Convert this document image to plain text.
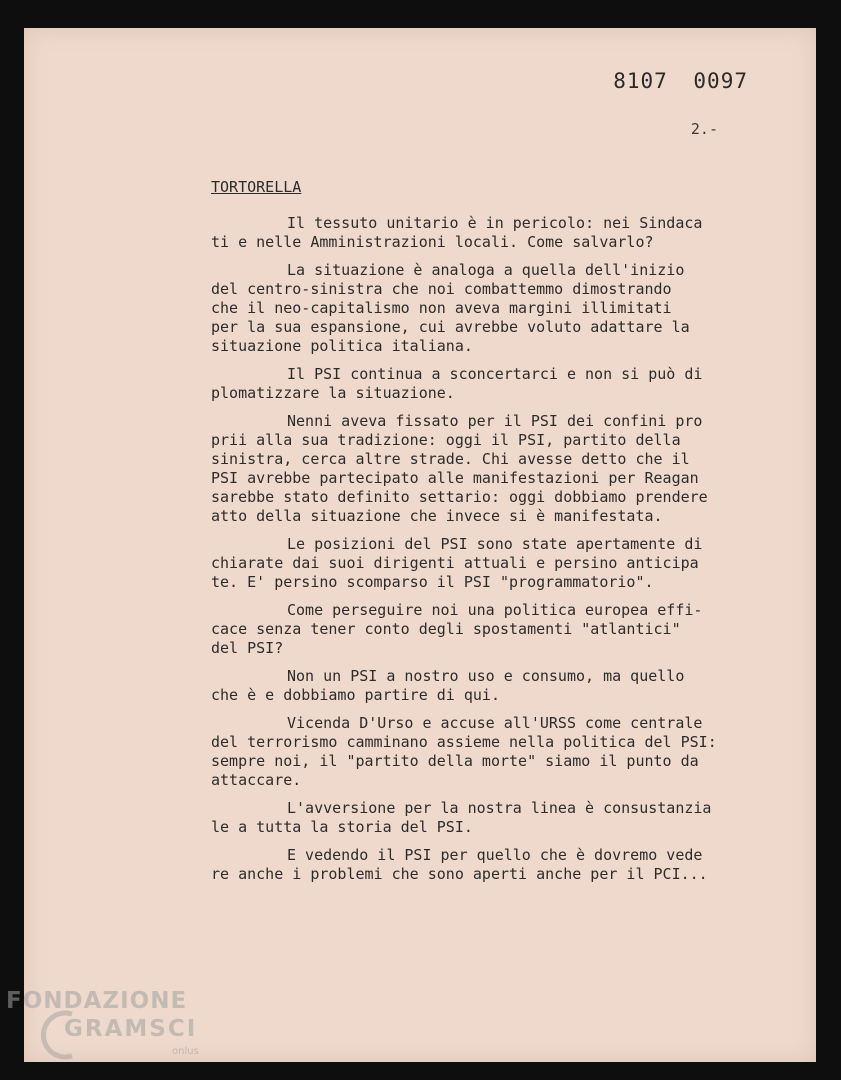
8107 0097
2.-
TORTORELLA
Il tessuto unitario è in pericolo: nei Sindaca
ti e nelle Amministrazioni locali. Come salvarlo?
La situazione è analoga a quella dell'inizio
del centro-sinistra che noi combattemmo dimostrando
che il neo-capitalismo non aveva margini illimitati
per la sua espansione, cui avrebbe voluto adattare la
situazione politica italiana.
Il PSI continua a sconcertarci e non si può di
plomatizzare la situazione.
Nenni aveva fissato per il PSI dei confini pro
prii alla sua tradizione: oggi il PSI, partito della
sinistra, cerca altre strade. Chi avesse detto che il
PSI avrebbe partecipato alle manifestazioni per Reagan
sarebbe stato definito settario: oggi dobbiamo prendere
atto della situazione che invece si è manifestata.
Le posizioni del PSI sono state apertamente di
chiarate dai suoi dirigenti attuali e persino anticipa
te. E' persino scomparso il PSI "programmatorio".
Come perseguire noi una politica europea effi-
cace senza tener conto degli spostamenti "atlantici"
del PSI?
Non un PSI a nostro uso e consumo, ma quello
che è e dobbiamo partire di qui.
Vicenda D'Urso e accuse all'URSS come centrale
del terrorismo camminano assieme nella politica del PSI:
sempre noi, il "partito della morte" siamo il punto da
attaccare.
L'avversione per la nostra linea è consustanzia
le a tutta la storia del PSI.
E vedendo il PSI per quello che è dovremo vede
re anche i problemi che sono aperti anche per il PCI...
FONDAZIONE
GRAMSCI
onlus
